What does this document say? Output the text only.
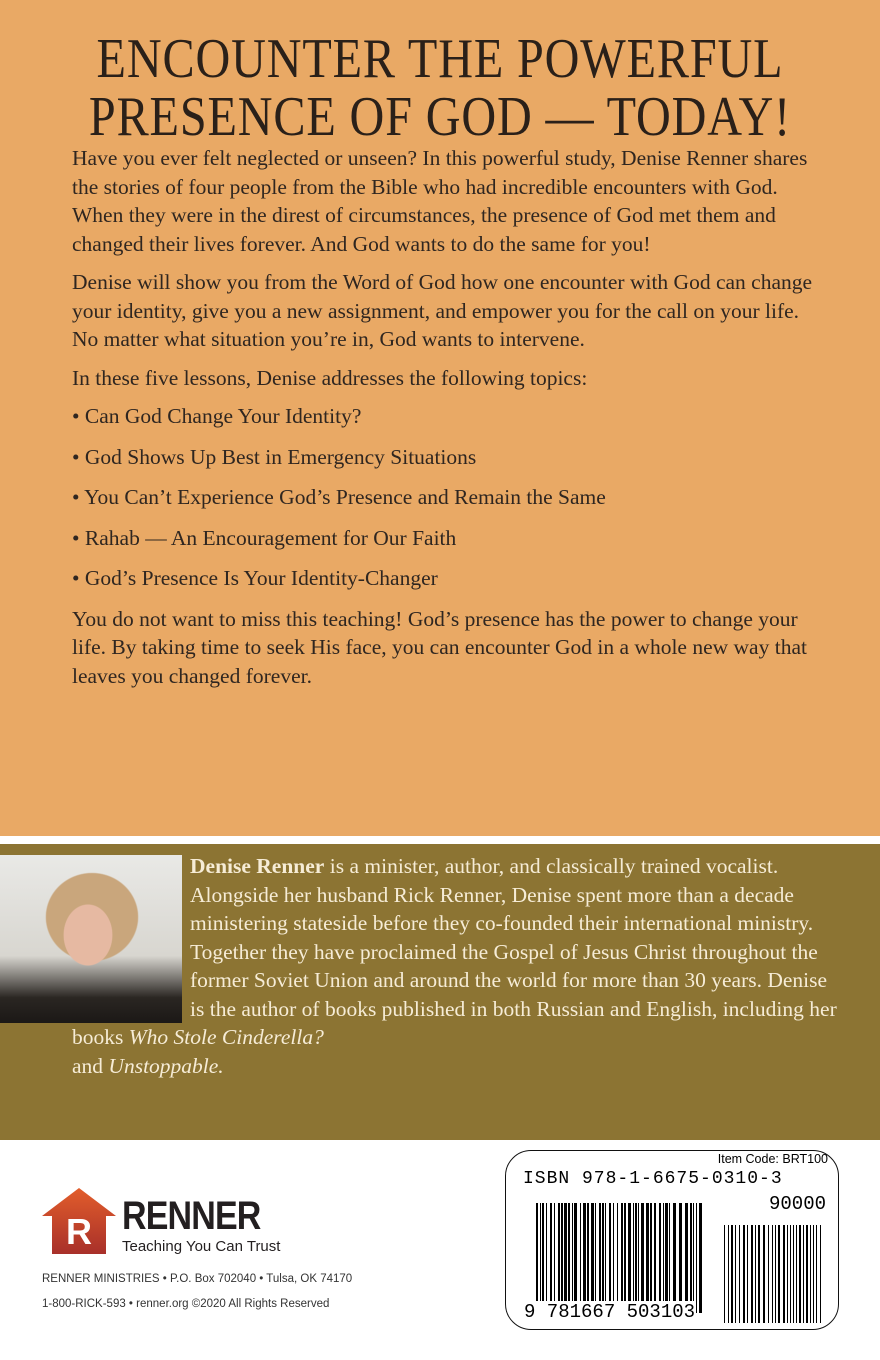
ENCOUNTER THE POWERFUL
PRESENCE OF GOD — TODAY!

Have you ever felt neglected or unseen? In this powerful study, Denise Renner shares the stories of four people from the Bible who had incredible encounters with God. When they were in the direst of circumstances, the presence of God met them and changed their lives forever. And God wants to do the same for you!

Denise will show you from the Word of God how one encounter with God can change your identity, give you a new assignment, and empower you for the call on your life. No matter what situation you’re in, God wants to intervene.

In these five lessons, Denise addresses the following topics:

• Can God Change Your Identity?

• God Shows Up Best in Emergency Situations

• You Can’t Experience God’s Presence and Remain the Same

• Rahab — An Encouragement for Our Faith

• God’s Presence Is Your Identity-Changer

You do not want to miss this teaching! God’s presence has the power to change your life. By taking time to seek His face, you can encounter God in a whole new way that leaves you changed forever.

Denise Renner is a minister, author, and classically trained vocalist. Alongside her husband Rick Renner, Denise spent more than a decade ministering stateside before they co-founded their international ministry. Together they have proclaimed the Gospel of Jesus Christ throughout the former Soviet Union and around the world for more than 30 years. Denise is the author of books published in both Russian and English, including her books Who Stole Cinderella?
and Unstoppable.
R RENNER
Teaching You Can Trust
RENNER MINISTRIES • P.O. Box 702040 • Tulsa, OK 74170
1-800-RICK-593 • renner.org ©2020 All Rights Reserved
Item Code: BRT100
ISBN 978-1-6675-0310-3
90000
9 781667 503103
